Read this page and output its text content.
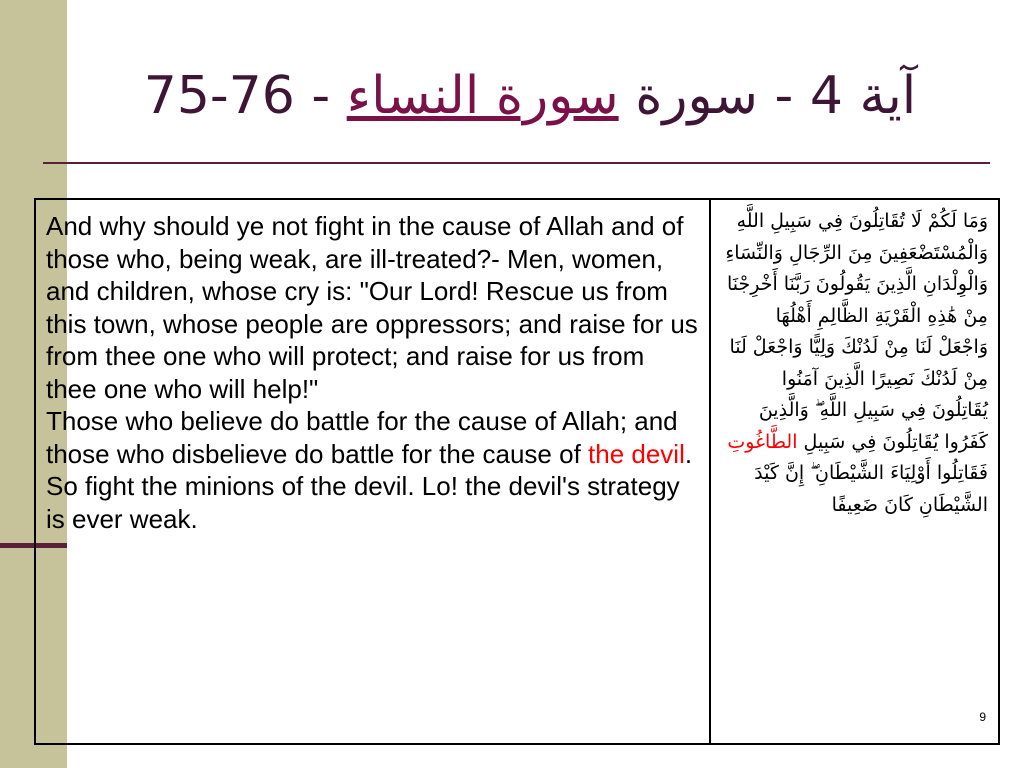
75-76 -	آية 4 - سورة سورة النساء

And why should ye not fight in the cause of Allah and of those who, being weak, are ill-treated?- Men, women, and children, whose cry is: "Our Lord! Rescue us from this town, whose people are oppressors; and raise for us from thee one who will protect; and raise for us from thee one who will help!"

Those who believe do battle for the cause of Allah; and those who disbelieve do battle for the cause of the devil. So fight the minions of the devil. Lo! the devil's strategy is ever weak.

وَمَا لَكُمْ لَا تُقَاتِلُونَ فِي سَبِيلِ اللَّهِ وَالْمُسْتَضْعَفِينَ مِنَ الرِّجَالِ وَالنِّسَاءِ وَالْوِلْدَانِ الَّذِينَ يَقُولُونَ رَبَّنَا أَخْرِجْنَا مِنْ هَٰذِهِ الْقَرْيَةِ الظَّالِمِ أَهْلُهَا وَاجْعَلْ لَنَا مِنْ لَدُنْكَ وَلِيًّا وَاجْعَلْ لَنَا مِنْ لَدُنْكَ نَصِيرًا الَّذِينَ آمَنُوا يُقَاتِلُونَ فِي سَبِيلِ اللَّهِ ۖ وَالَّذِينَ كَفَرُوا يُقَاتِلُونَ فِي سَبِيلِ الطَّاغُوتِ فَقَاتِلُوا أَوْلِيَاءَ الشَّيْطَانِ ۖ إِنَّ كَيْدَ الشَّيْطَانِ كَانَ ضَعِيفًا

9
